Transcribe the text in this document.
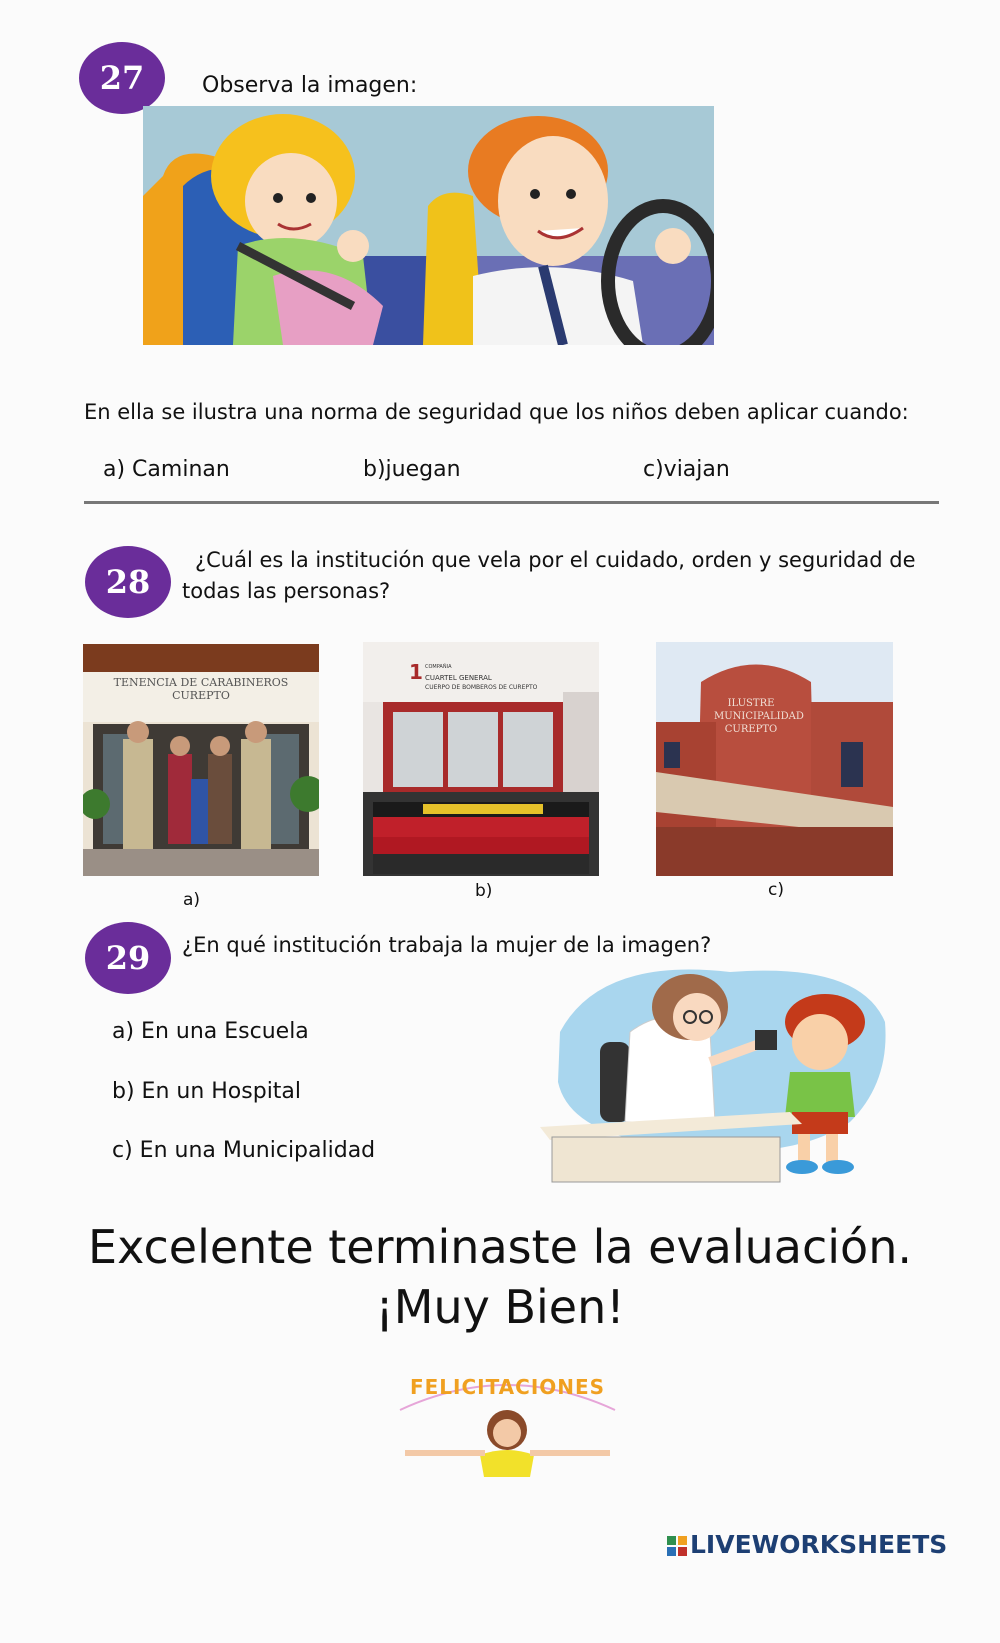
27	Observa la imagen:
En ella se ilustra una norma de seguridad que los niños deben aplicar cuando:
a) Caminan	b)juegan	c)viajan
28
¿Cuál es la institución que vela por el cuidado, orden y seguridad de
todas las personas?
TENENCIA DE CARABINEROS CUREPTO
1 COMPAÑIA
CUARTEL GENERAL
CUERPO DE BOMBEROS DE CUREPTO
ILUSTRE MUNICIPALIDAD CUREPTO
a)	b)	c)
29	¿En qué institución trabaja la mujer de la imagen?
a) En una Escuela
b) En un Hospital
c) En una Municipalidad
Excelente terminaste la evaluación.
¡Muy Bien!
FELICITACIONES
LIVEWORKSHEETS
